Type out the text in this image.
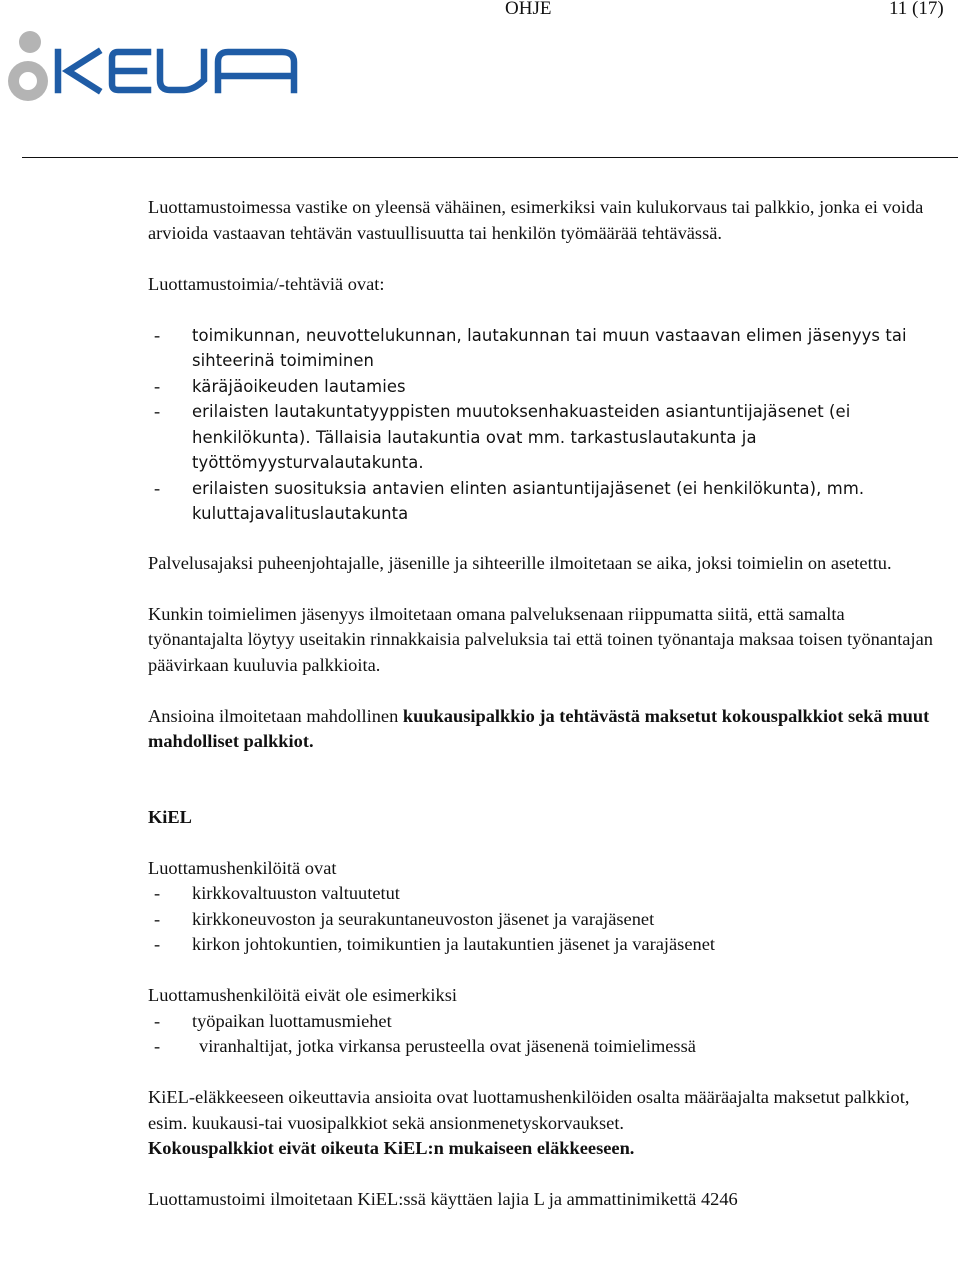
OHJE	11 (17)

Luottamustoimessa vastike on yleensä vähäinen, esimerkiksi vain kulukorvaus tai palkkio, jonka ei voida arvioida vastaavan tehtävän vastuullisuutta tai henkilön työmäärää tehtävässä.

Luottamustoimia/-tehtäviä ovat:

- toimikunnan, neuvottelukunnan, lautakunnan tai muun vastaavan elimen jäsenyys tai sihteerinä toimiminen
- käräjäoikeuden lautamies
- erilaisten lautakuntatyyppisten muutoksenhakuasteiden asiantuntijajäsenet (ei henkilökunta). Tällaisia lautakuntia ovat mm. tarkastuslautakunta ja työttömyysturvalautakunta.
- erilaisten suosituksia antavien elinten asiantuntijajäsenet (ei henkilökunta), mm. kuluttajavalituslautakunta

Palvelusajaksi puheenjohtajalle, jäsenille ja sihteerille ilmoitetaan se aika, joksi toimielin on asetettu.

Kunkin toimielimen jäsenyys ilmoitetaan omana palveluksenaan riippumatta siitä, että samalta työnantajalta löytyy useitakin rinnakkaisia palveluksia tai että toinen työnantaja maksaa toisen työnantajan päävirkaan kuuluvia palkkioita.

Ansioina ilmoitetaan mahdollinen kuukausipalkkio ja tehtävästä maksetut kokouspalkkiot sekä muut mahdolliset palkkiot.

KiEL

Luottamushenkilöitä ovat

- kirkkovaltuuston valtuutetut
- kirkkoneuvoston ja seurakuntaneuvoston jäsenet ja varajäsenet
- kirkon johtokuntien, toimikuntien ja lautakuntien jäsenet ja varajäsenet

Luottamushenkilöitä eivät ole esimerkiksi

- työpaikan luottamusmiehet
- viranhaltijat, jotka virkansa perusteella ovat jäsenenä toimielimessä

KiEL-eläkkeeseen oikeuttavia ansioita ovat luottamushenkilöiden osalta määräajalta maksetut palkkiot, esim. kuukausi-tai vuosipalkkiot sekä ansionmenetyskorvaukset.
Kokouspalkkiot eivät oikeuta KiEL:n mukaiseen eläkkeeseen.

Luottamustoimi ilmoitetaan KiEL:ssä käyttäen lajia L ja ammattinimikettä 4246
